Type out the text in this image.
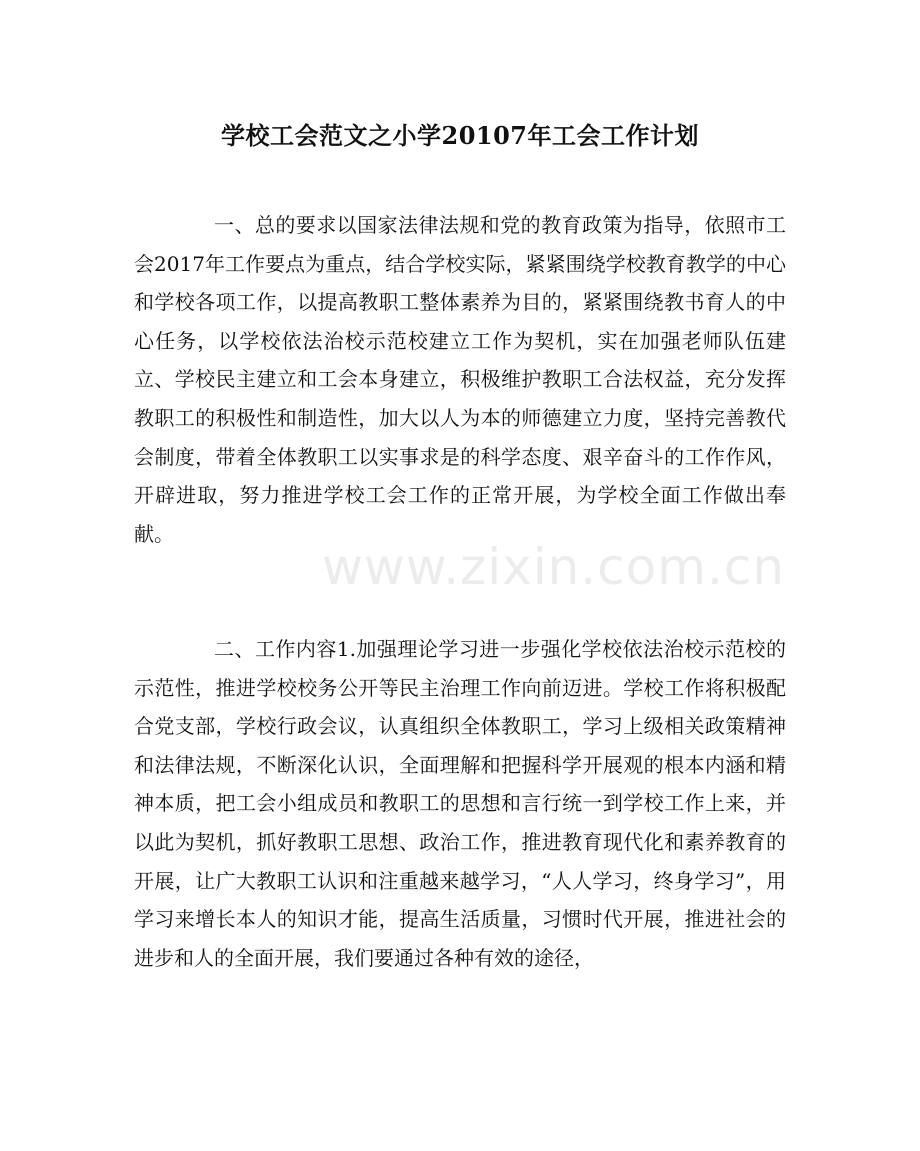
学校工会范文之小学20107年工会工作计划

一、总的要求以国家法律法规和党的教育政策为指导，依照市工会2017年工作要点为重点，结合学校实际，紧紧围绕学校教育教学的中心和学校各项工作，以提高教职工整体素养为目的，紧紧围绕教书育人的中心任务，以学校依法治校示范校建立工作为契机，实在加强老师队伍建立、学校民主建立和工会本身建立，积极维护教职工合法权益，充分发挥教职工的积极性和制造性，加大以人为本的师德建立力度，坚持完善教代会制度，带着全体教职工以实事求是的科学态度、艰辛奋斗的工作作风，开辟进取，努力推进学校工会工作的正常开展，为学校全面工作做出奉献。

二、工作内容1.加强理论学习进一步强化学校依法治校示范校的示范性，推进学校校务公开等民主治理工作向前迈进。学校工作将积极配合党支部，学校行政会议，认真组织全体教职工，学习上级相关政策精神和法律法规，不断深化认识，全面理解和把握科学开展观的根本内涵和精神本质，把工会小组成员和教职工的思想和言行统一到学校工作上来，并以此为契机，抓好教职工思想、政治工作，推进教育现代化和素养教育的开展，让广大教职工认识和注重越来越学习，“人人学习，终身学习”，用学习来增长本人的知识才能，提高生活质量，习惯时代开展，推进社会的进步和人的全面开展，我们要通过各种有效的途径，

www.zixin.com.cn
